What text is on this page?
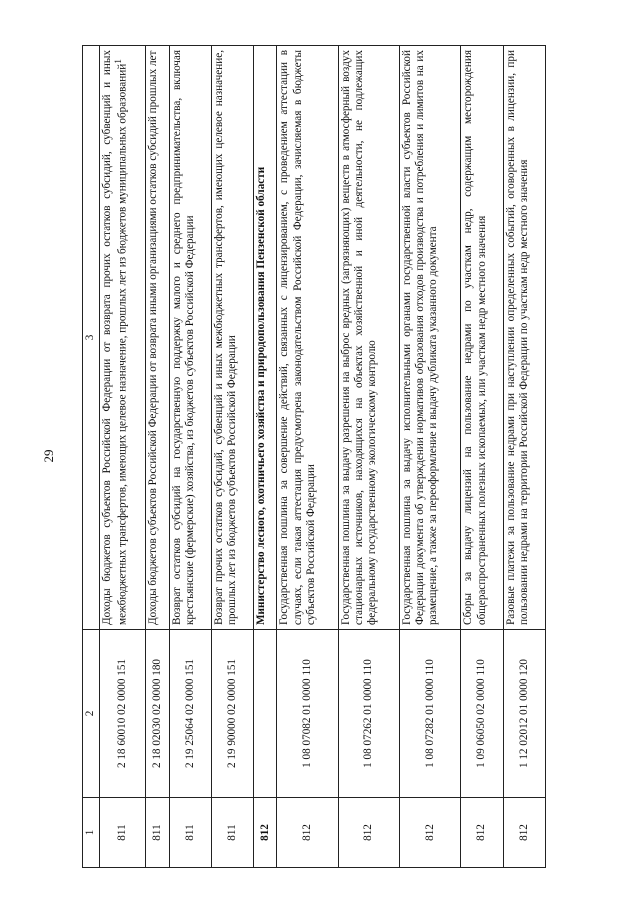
29
1	2	3
811	2 18 60010 02 0000 151	Доходы бюджетов субъектов Российской Федерации от возврата прочих остатков субсидий, субвенций и иных межбюджетных трансфертов, имеющих целевое назначение, прошлых лет из бюджетов муниципальных образований$^1$
811	2 18 02030 02 0000 180	Доходы бюджетов субъектов Российской Федерации от возврата иными организациями остатков субсидий прошлых лет
811	2 19 25064 02 0000 151	Возврат остатков субсидий на государственную поддержку малого и среднего предпринимательства, включая крестьянские (фермерские) хозяйства, из бюджетов субъектов Российской Федерации
811	2 19 90000 02 0000 151	Возврат прочих остатков субсидий, субвенций и иных межбюджетных трансфертов, имеющих целевое назначение, прошлых лет из бюджетов субъектов Российской Федерации
812		Министерство лесного, охотничьего хозяйства и природопользования Пензенской области
812	1 08 07082 01 0000 110	Государственная пошлина за совершение действий, связанных с лицензированием, с проведением аттестации в случаях, если такая аттестация предусмотрена законодательством Российской Федерации, зачисляемая в бюджеты субъектов Российской Федерации
812	1 08 07262 01 0000 110	Государственная пошлина за выдачу разрешения на выброс вредных (загрязняющих) веществ в атмосферный воздух стационарных источников, находящихся на объектах хозяйственной и иной деятельности, не подлежащих федеральному государственному экологическому контролю
812	1 08 07282 01 0000 110	Государственная пошлина за выдачу исполнительными органами государственной власти субъектов Российской Федерации документа об утверждении нормативов образования отходов производства и потребления и лимитов на их размещение, а также за переоформление и выдачу дубликата указанного документа
812	1 09 06050 02 0000 110	Сборы за выдачу лицензий на пользование недрами по участкам недр, содержащим месторождения общераспространенных полезных ископаемых, или участкам недр местного значения
812	1 12 02012 01 0000 120	Разовые платежи за пользование недрами при наступлении определенных событий, оговоренных в лицензии, при пользовании недрами на территории Российской Федерации по участкам недр местного значения
